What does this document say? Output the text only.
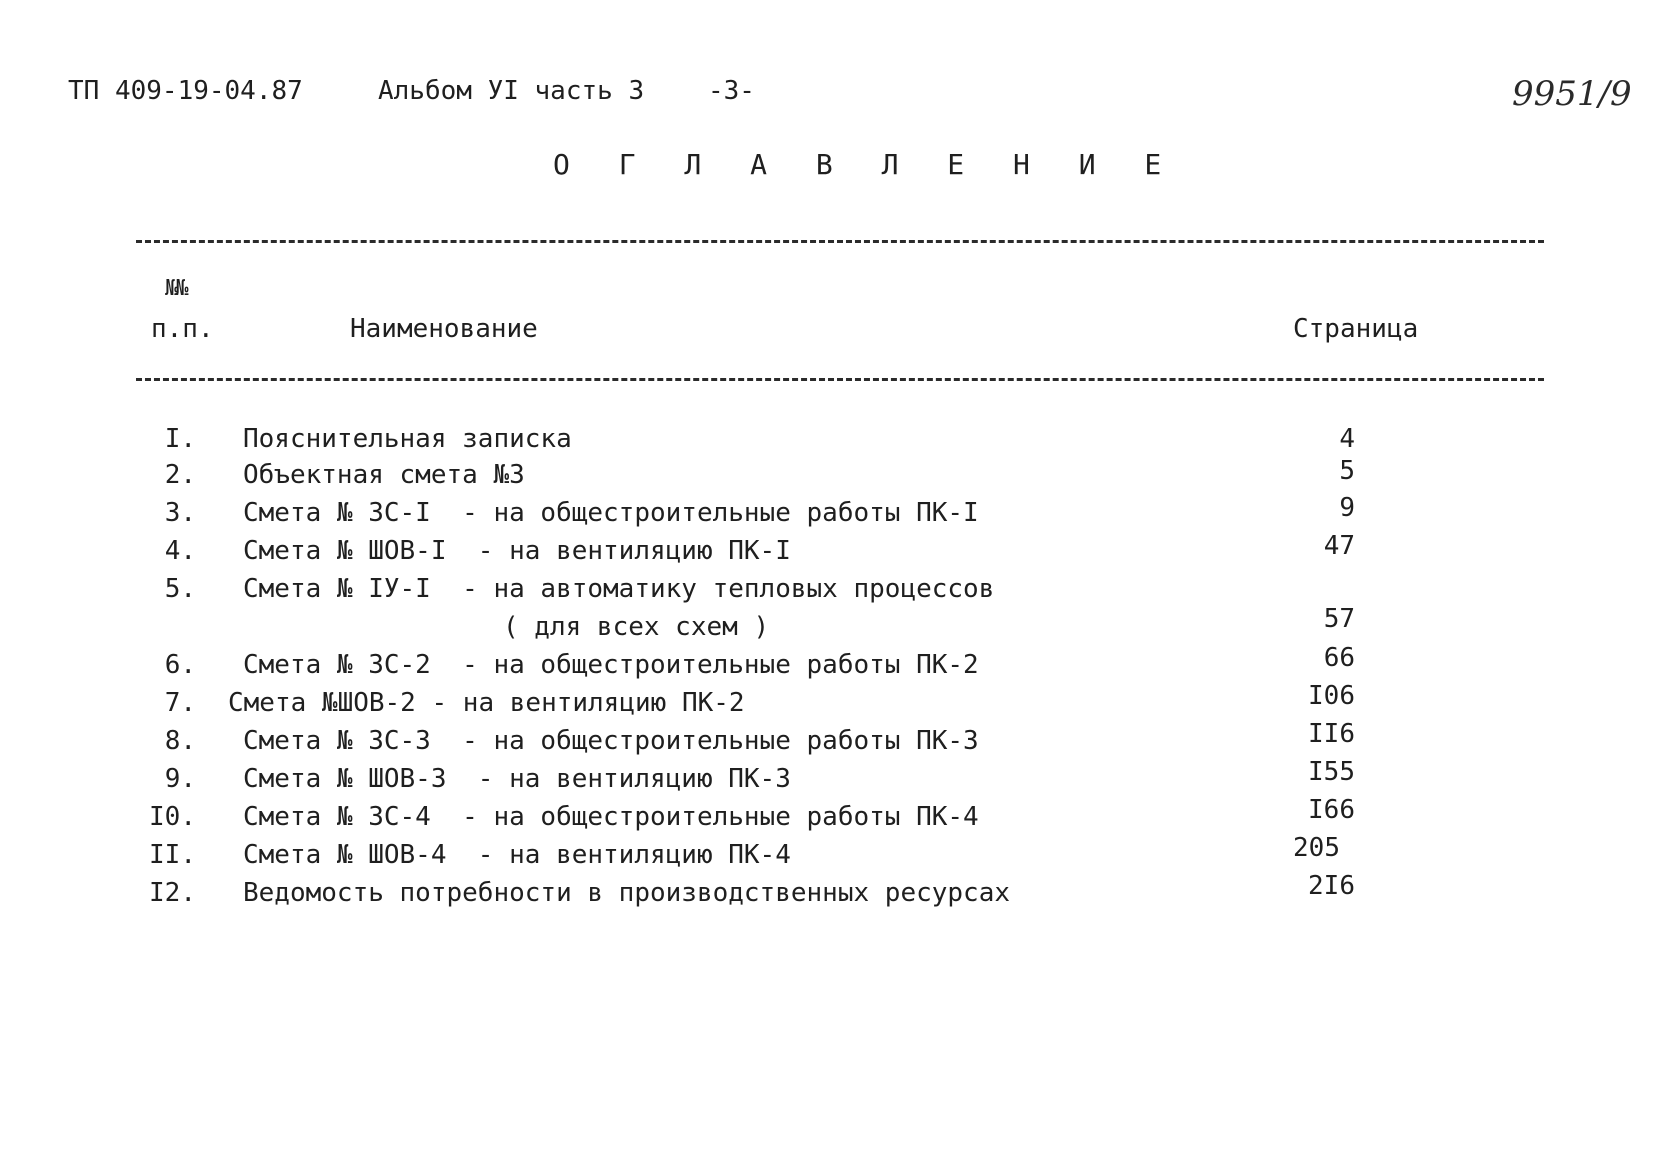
ТП 409-19-04.87	Альбом УI часть 3 -3-	9951/9
О Г Л А В Л Е Н И Е
№№
п.п.	Наименование	Страница
I. Пояснительная записка	4
2. Объектная смета №3	5
3. Смета № 3С-I  - на общестроительные работы ПК-I	9
4. Смета № ШОВ-I  - на вентиляцию ПК-I	47
5. Смета № IУ-I  - на автоматику тепловых процессов
( для всех схем )	57
6. Смета № 3С-2  - на общестроительные работы ПК-2	66
7. Смета №ШОВ-2 - на вентиляцию ПК-2	I06
8. Смета № 3С-3  - на общестроительные работы ПК-3	II6
9. Смета № ШОВ-3  - на вентиляцию ПК-3	I55
I0. Смета № 3С-4  - на общестроительные работы ПК-4	I66
II. Смета № ШОВ-4  - на вентиляцию ПК-4	205
I2. Ведомость потребности в производственных ресурсах	2I6
